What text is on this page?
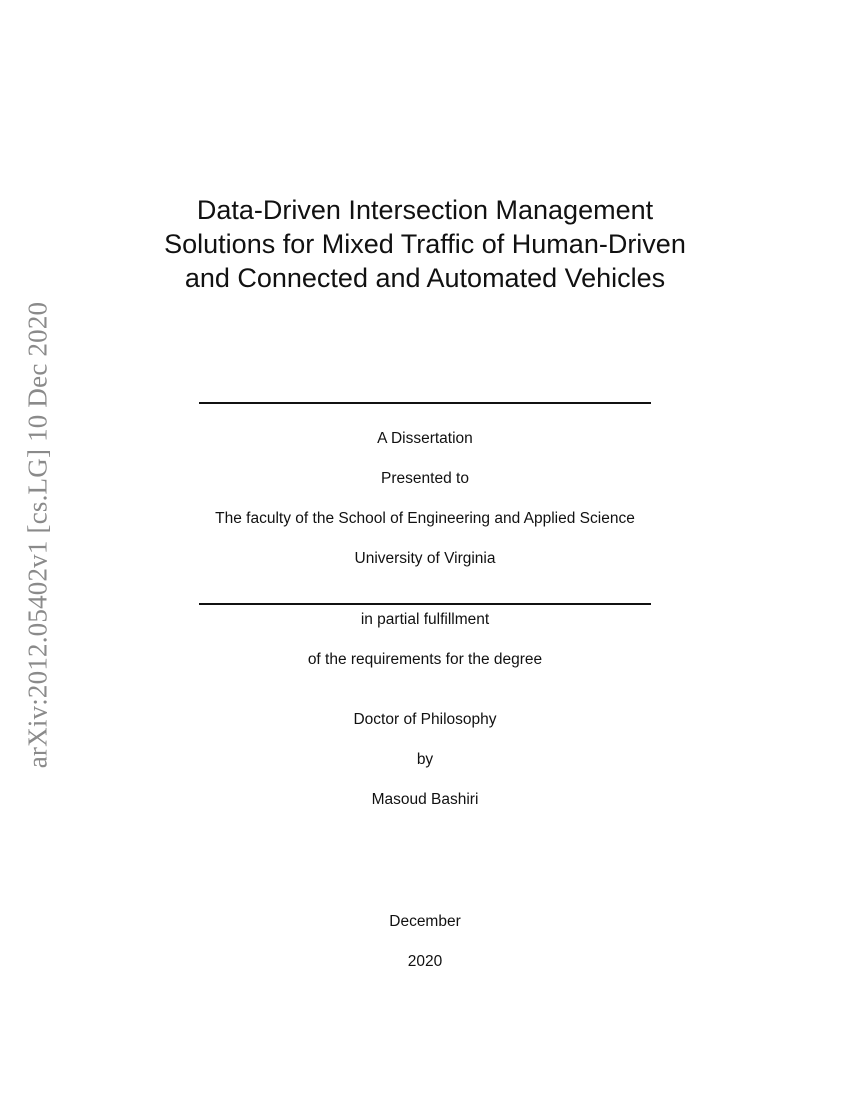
arXiv:2012.05402v1 [cs.LG] 10 Dec 2020
Data-Driven Intersection Management
Solutions for Mixed Traffic of Human-Driven
and Connected and Automated Vehicles
A Dissertation
Presented to
The faculty of the School of Engineering and Applied Science
University of Virginia
in partial fulfillment
of the requirements for the degree
Doctor of Philosophy
by
Masoud Bashiri
December
2020
